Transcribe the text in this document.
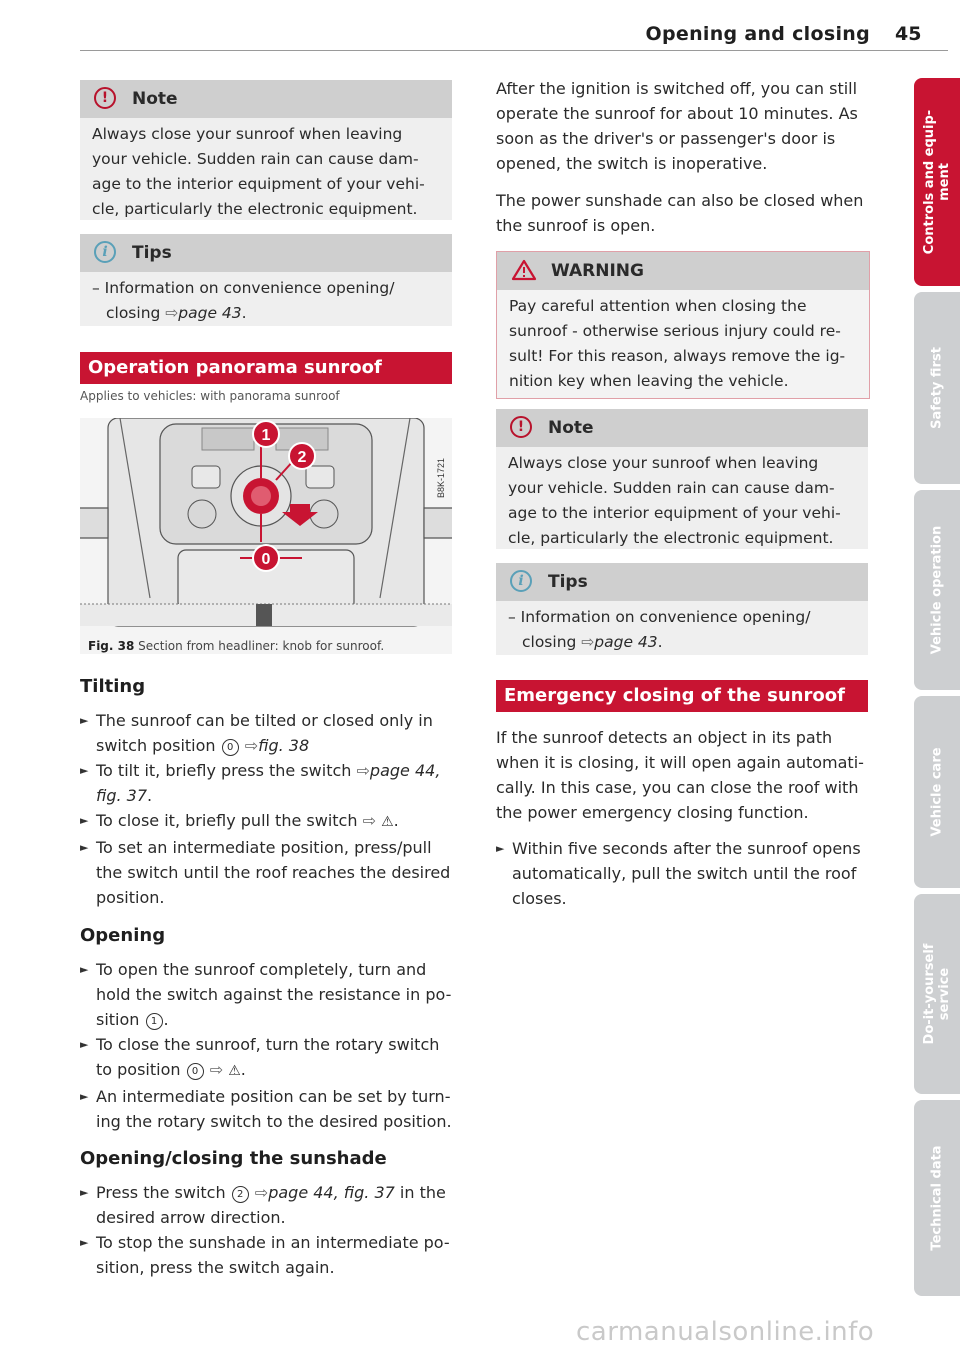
Opening and closing 45
Controls and equip-
ment
Safety first
Vehicle operation
Vehicle care
Do-it-yourself
service
Technical data
!	Note
Always close your sunroof when leaving
your vehicle. Sudden rain can cause dam-
age to the interior equipment of your vehi-
cle, particularly the electronic equipment.
i	Tips
– Information on convenience opening/
closing ⇨page 43.
Operation panorama sunroof
Applies to vehicles: with panorama sunroof
1
2
0
B8K-1721
Fig. 38 Section from headliner: knob for sunroof.
Tilting
► The sunroof can be tilted or closed only in
switch position 0 ⇨fig. 38
► To tilt it, briefly press the switch ⇨page 44,
fig. 37.
► To close it, briefly pull the switch ⇨ ⚠.
► To set an intermediate position, press/pull
the switch until the roof reaches the desired
position.
Opening
► To open the sunroof completely, turn and
hold the switch against the resistance in po-
sition 1 .
► To close the sunroof, turn the rotary switch
to position 0 ⇨ ⚠.
► An intermediate position can be set by turn-
ing the rotary switch to the desired position.
Opening/closing the sunshade
► Press the switch 2 ⇨page 44, fig. 37 in the
desired arrow direction.
► To stop the sunshade in an intermediate po-
sition, press the switch again.
After the ignition is switched off, you can still
operate the sunroof for about 10 minutes. As
soon as the driver's or passenger's door is
opened, the switch is inoperative.
The power sunshade can also be closed when
the sunroof is open.
WARNING
Pay careful attention when closing the
sunroof - otherwise serious injury could re-
sult! For this reason, always remove the ig-
nition key when leaving the vehicle.
!	Note
Always close your sunroof when leaving
your vehicle. Sudden rain can cause dam-
age to the interior equipment of your vehi-
cle, particularly the electronic equipment.
i	Tips
– Information on convenience opening/
closing ⇨page 43.
Emergency closing of the sunroof
If the sunroof detects an object in its path
when it is closing, it will open again automati-
cally. In this case, you can close the roof with
the power emergency closing function.
► Within five seconds after the sunroof opens
automatically, pull the switch until the roof
closes.
carmanualsonline.info
